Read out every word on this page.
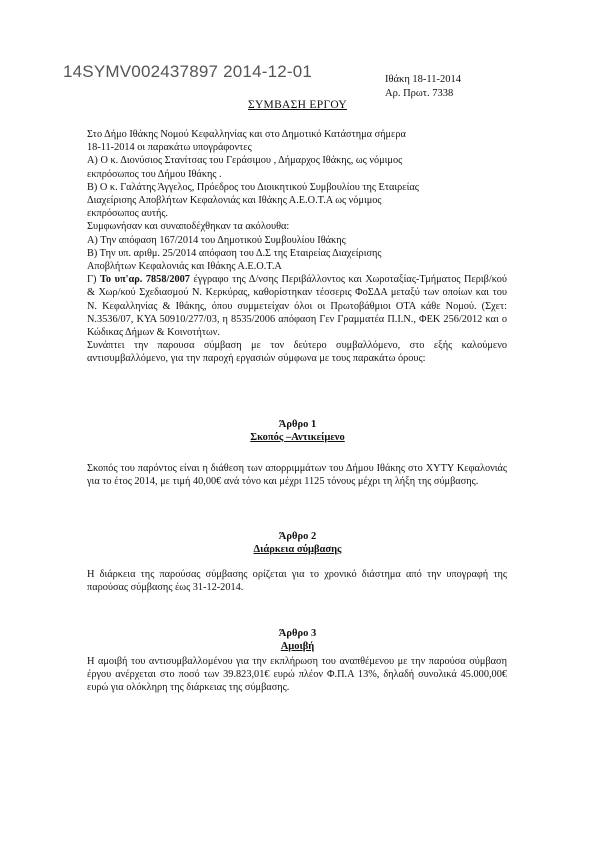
14SYMV002437897 2014-12-01	Ιθάκη 18-11-2014
Αρ. Πρωτ. 7338
ΣΥΜΒΑΣΗ ΕΡΓΟΥ

Στο Δήμο Ιθάκης Νομού Κεφαλληνίας και στο Δημοτικό Κατάστημα σήμερα

18-11-2014 οι παρακάτω υπογράφοντες

Α) Ο κ. Διονύσιος Στανίτσας του Γεράσιμου , Δήμαρχος Ιθάκης, ως νόμιμος

εκπρόσωπος του Δήμου Ιθάκης .

Β) Ο κ. Γαλάτης Άγγελος, Πρόεδρος του Διοικητικού Συμβουλίου της Εταιρείας

Διαχείρισης Αποβλήτων Κεφαλονιάς και Ιθάκης Α.Ε.Ο.Τ.Α ως νόμιμος

εκπρόσωπος αυτής.

Συμφωνήσαν και συναποδέχθηκαν τα ακόλουθα:

Α) Την απόφαση 167/2014 του Δημοτικού Συμβουλίου Ιθάκης

Β) Την υπ. αριθμ. 25/2014 απόφαση του Δ.Σ της Εταιρείας Διαχείρισης

Αποβλήτων Κεφαλονιάς και Ιθάκης Α.Ε.Ο.Τ.Α

Γ) Το υπ'αρ. 7858/2007 έγγραφο της Δ/νσης Περιβάλλοντος και Χωροταξίας-Τμήματος Περιβ/κού & Χωρ/κού Σχεδιασμού Ν. Κερκύρας, καθορίστηκαν τέσσερις ΦοΣΔΑ μεταξύ των οποίων και του Ν. Κεφαλληνίας & Ιθάκης, όπου συμμετείχαν όλοι οι Πρωτοβάθμιοι ΟΤΑ κάθε Νομού. (Σχετ: Ν.3536/07, ΚΥΑ 50910/277/03, η 8535/2006 απόφαση Γεν Γραμματέα Π.Ι.Ν., ΦΕΚ 256/2012 και ο Κώδικας Δήμων & Κοινοτήτων.

Συνάπτει την παρουσα σύμβαση με τον δεύτερο συμβαλλόμενο, στο εξής καλούμενο αντισυμβαλλόμενο, για την παροχή εργασιών σύμφωνα με τους παρακάτω όρους:

Άρθρο 1
Σκοπός –Αντικείμενο
Σκοπός του παρόντος είναι η διάθεση των απορριμμάτων του Δήμου Ιθάκης στο ΧΥΤΥ Κεφαλονιάς για το έτος 2014, με τιμή 40,00€ ανά τόνο και μέχρι 1125 τόνους μέχρι τη λήξη της σύμβασης.
Άρθρο 2
Διάρκεια σύμβασης
Η διάρκεια της παρούσας σύμβασης ορίζεται για το χρονικό διάστημα από την υπογραφή της παρούσας σύμβασης έως 31-12-2014.
Άρθρο 3
Αμοιβή
Η αμοιβή του αντισυμβαλλομένου για την εκπλήρωση του αναπθέμενου με την παρούσα σύμβαση έργου ανέρχεται στο ποσό των 39.823,01€ ευρώ πλέον Φ.Π.Α 13%, δηλαδή συνολικά 45.000,00€ ευρώ για ολόκληρη της διάρκειας της σύμβασης.
